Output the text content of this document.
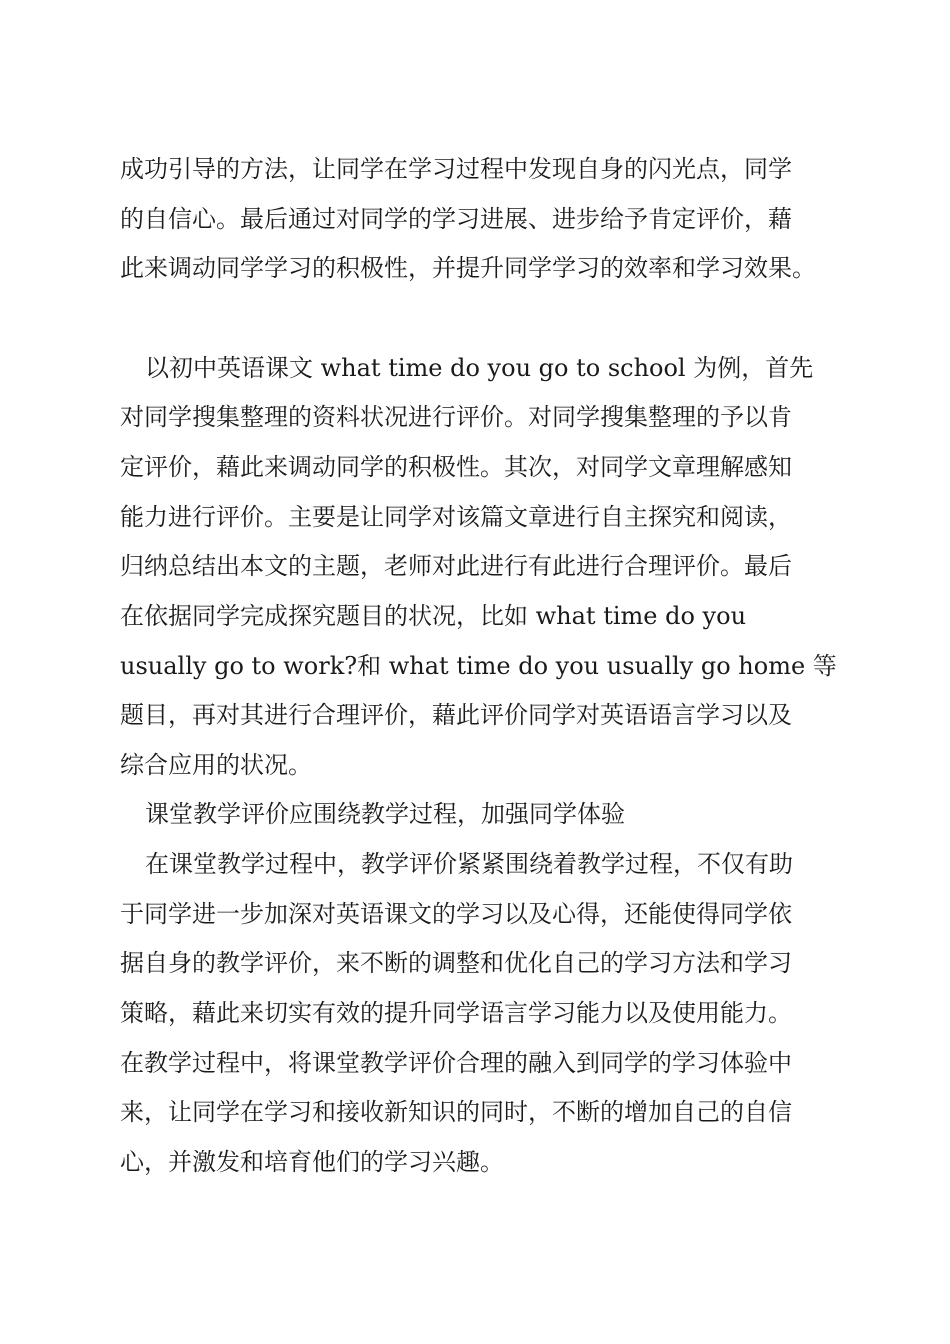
成功引导的方法，让同学在学习过程中发现自身的闪光点，同学
的自信心。最后通过对同学的学习进展、进步给予肯定评价，藉
此来调动同学学习的积极性，并提升同学学习的效率和学习效果。
以初中英语课文 what time do you go to school 为例，首先
对同学搜集整理的资料状况进行评价。对同学搜集整理的予以肯
定评价，藉此来调动同学的积极性。其次，对同学文章理解感知
能力进行评价。主要是让同学对该篇文章进行自主探究和阅读，
归纳总结出本文的主题，老师对此进行有此进行合理评价。最后
在依据同学完成探究题目的状况，比如 what time do you
usually go to work?和 what time do you usually go home 等
题目，再对其进行合理评价，藉此评价同学对英语语言学习以及
综合应用的状况。
课堂教学评价应围绕教学过程，加强同学体验
在课堂教学过程中，教学评价紧紧围绕着教学过程，不仅有助
于同学进一步加深对英语课文的学习以及心得，还能使得同学依
据自身的教学评价，来不断的调整和优化自己的学习方法和学习
策略，藉此来切实有效的提升同学语言学习能力以及使用能力。
在教学过程中，将课堂教学评价合理的融入到同学的学习体验中
来，让同学在学习和接收新知识的同时，不断的增加自己的自信
心，并激发和培育他们的学习兴趣。
